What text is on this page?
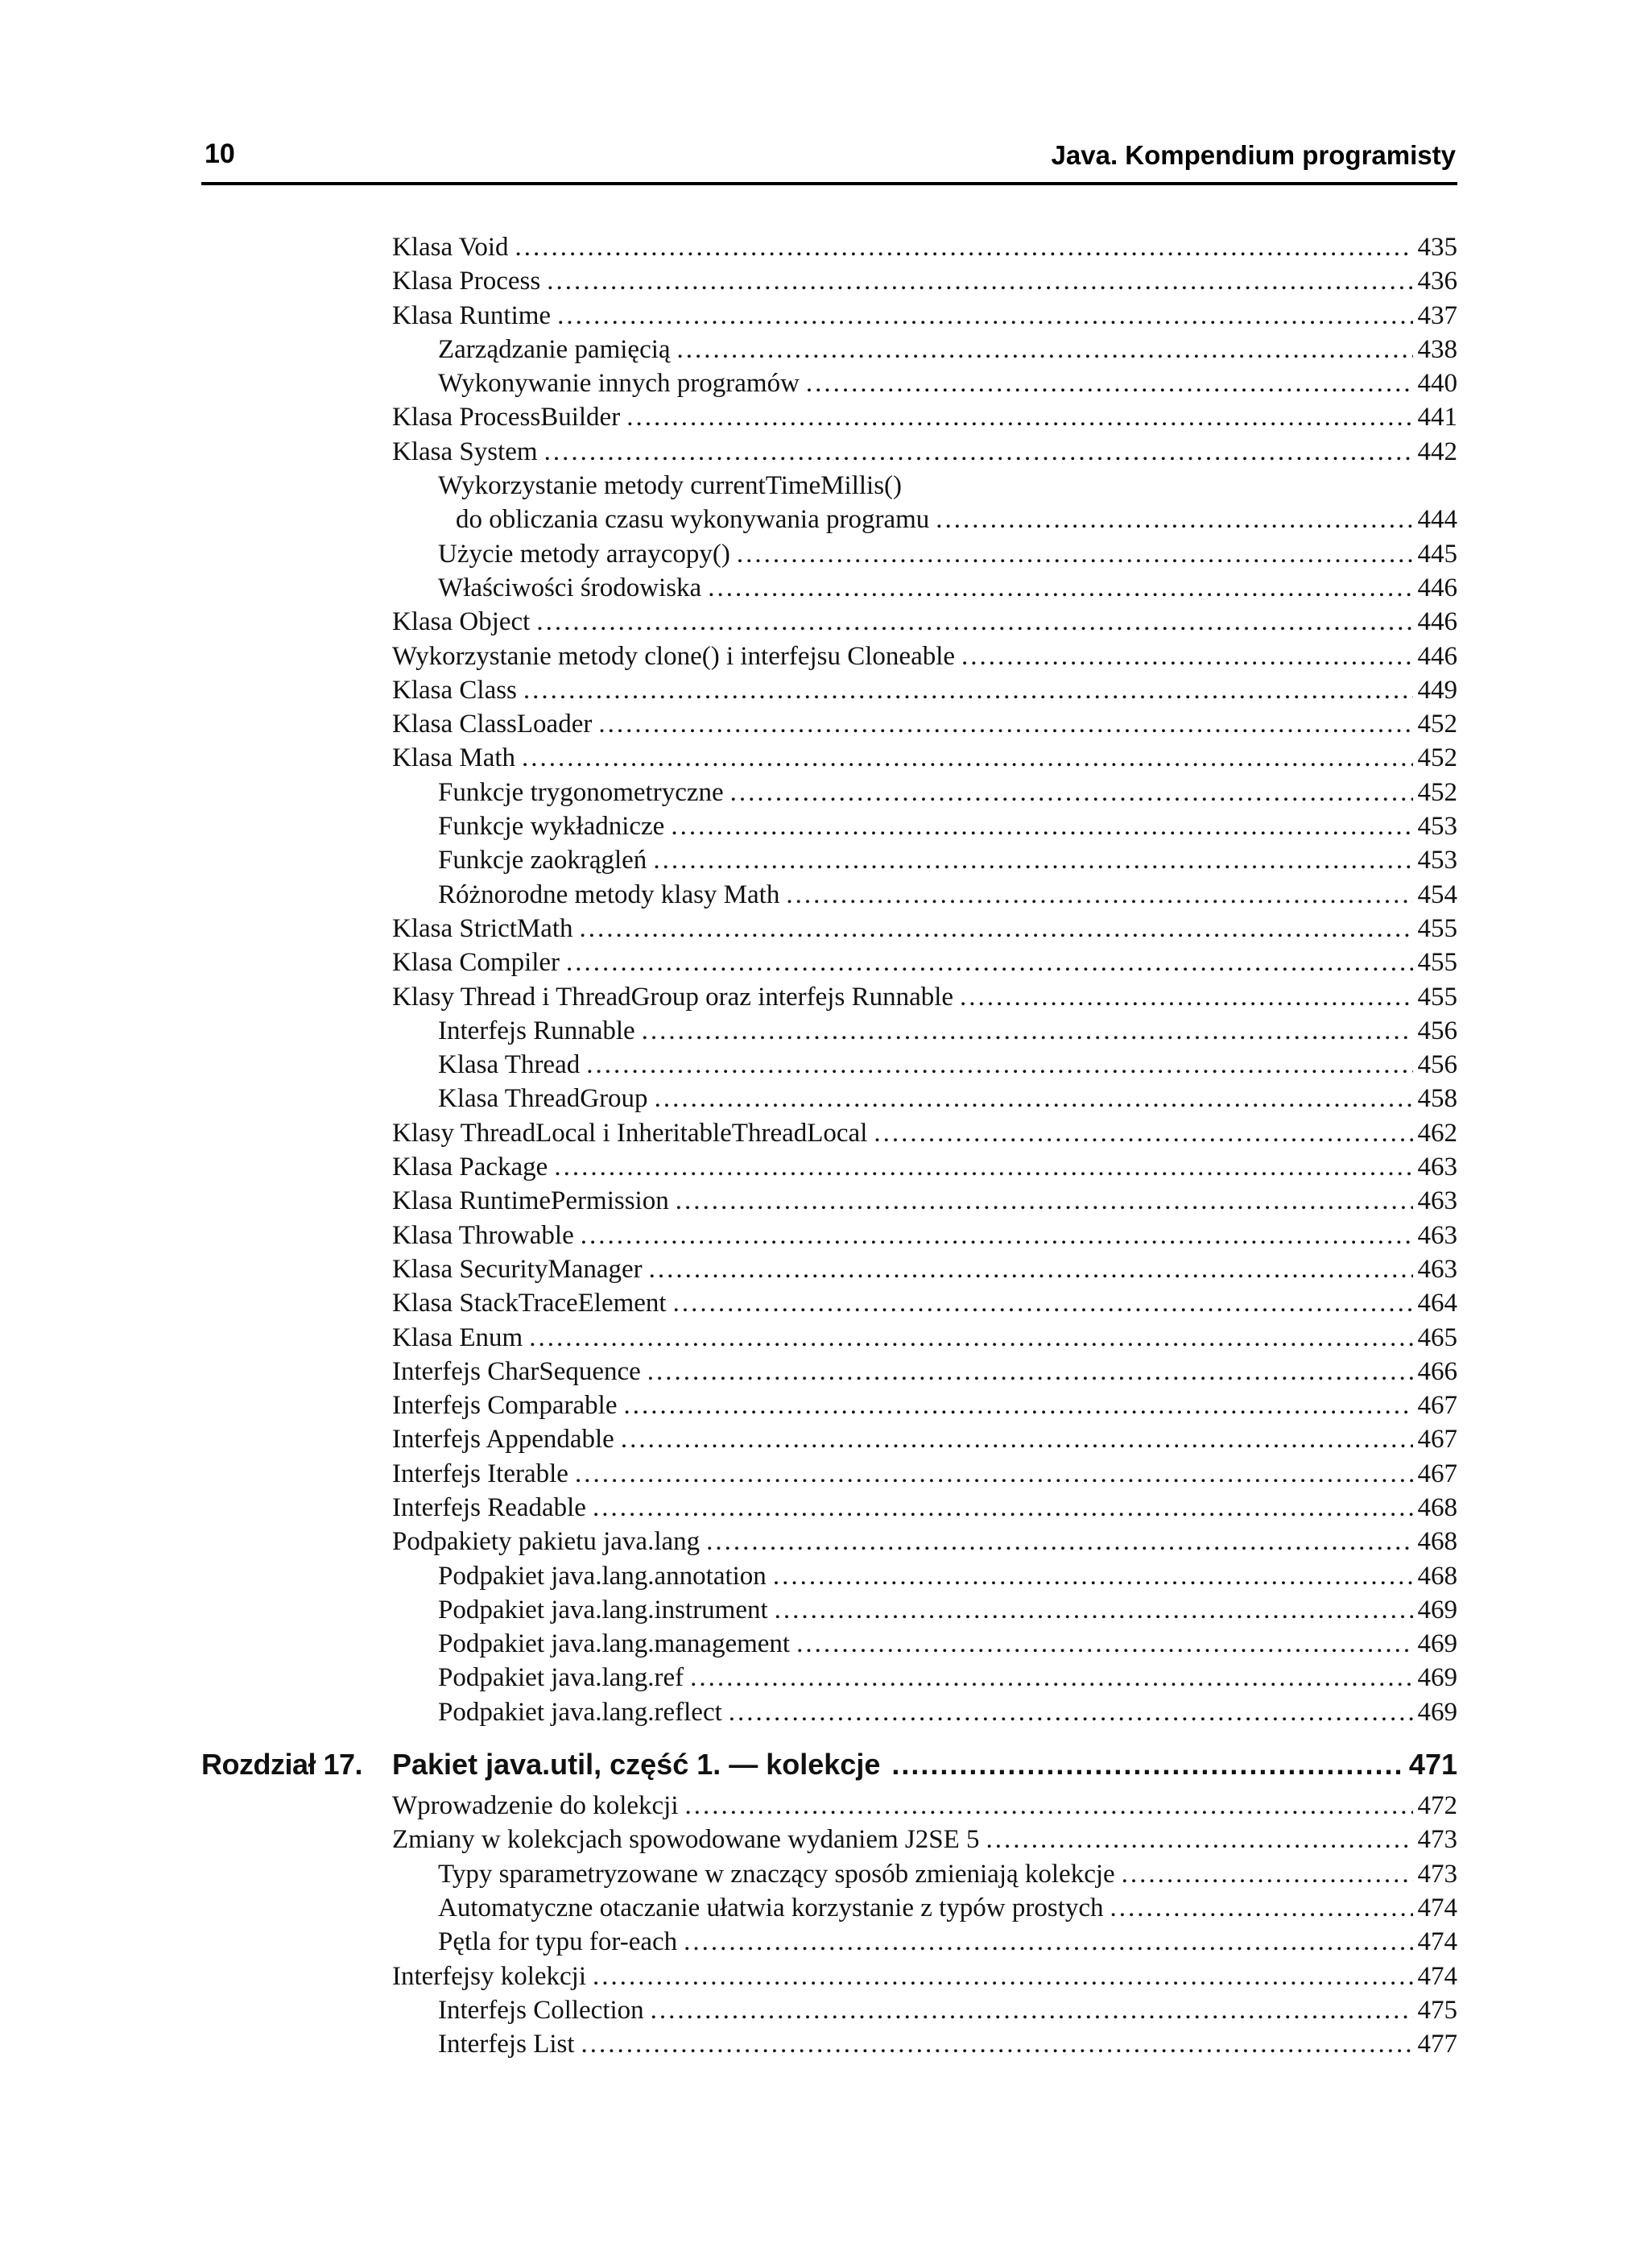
10	Java. Kompendium programisty
Klasa Void .....	435
Klasa Process .....	436
Klasa Runtime .....	437
Zarządzanie pamięcią .....	438
Wykonywanie innych programów .....	440
Klasa ProcessBuilder .....	441
Klasa System .....	442
Wykorzystanie metody currentTimeMillis()
do obliczania czasu wykonywania programu .....	444
Użycie metody arraycopy() .....	445
Właściwości środowiska .....	446
Klasa Object .....	446
Wykorzystanie metody clone() i interfejsu Cloneable .....	446
Klasa Class .....	449
Klasa ClassLoader .....	452
Klasa Math .....	452
Funkcje trygonometryczne .....	452
Funkcje wykładnicze .....	453
Funkcje zaokrągleń .....	453
Różnorodne metody klasy Math .....	454
Klasa StrictMath .....	455
Klasa Compiler .....	455
Klasy Thread i ThreadGroup oraz interfejs Runnable .....	455
Interfejs Runnable .....	456
Klasa Thread .....	456
Klasa ThreadGroup .....	458
Klasy ThreadLocal i InheritableThreadLocal .....	462
Klasa Package .....	463
Klasa RuntimePermission .....	463
Klasa Throwable .....	463
Klasa SecurityManager .....	463
Klasa StackTraceElement .....	464
Klasa Enum .....	465
Interfejs CharSequence .....	466
Interfejs Comparable .....	467
Interfejs Appendable .....	467
Interfejs Iterable .....	467
Interfejs Readable .....	468
Podpakiety pakietu java.lang .....	468
Podpakiet java.lang.annotation .....	468
Podpakiet java.lang.instrument .....	469
Podpakiet java.lang.management .....	469
Podpakiet java.lang.ref .....	469
Podpakiet java.lang.reflect .....	469
Rozdział 17.	Pakiet java.util, część 1. — kolekcje .....	471
Wprowadzenie do kolekcji .....	472
Zmiany w kolekcjach spowodowane wydaniem J2SE 5 .....	473
Typy sparametryzowane w znaczący sposób zmieniają kolekcje .....	473
Automatyczne otaczanie ułatwia korzystanie z typów prostych .....	474
Pętla for typu for-each .....	474
Interfejsy kolekcji .....	474
Interfejs Collection .....	475
Interfejs List .....	477
